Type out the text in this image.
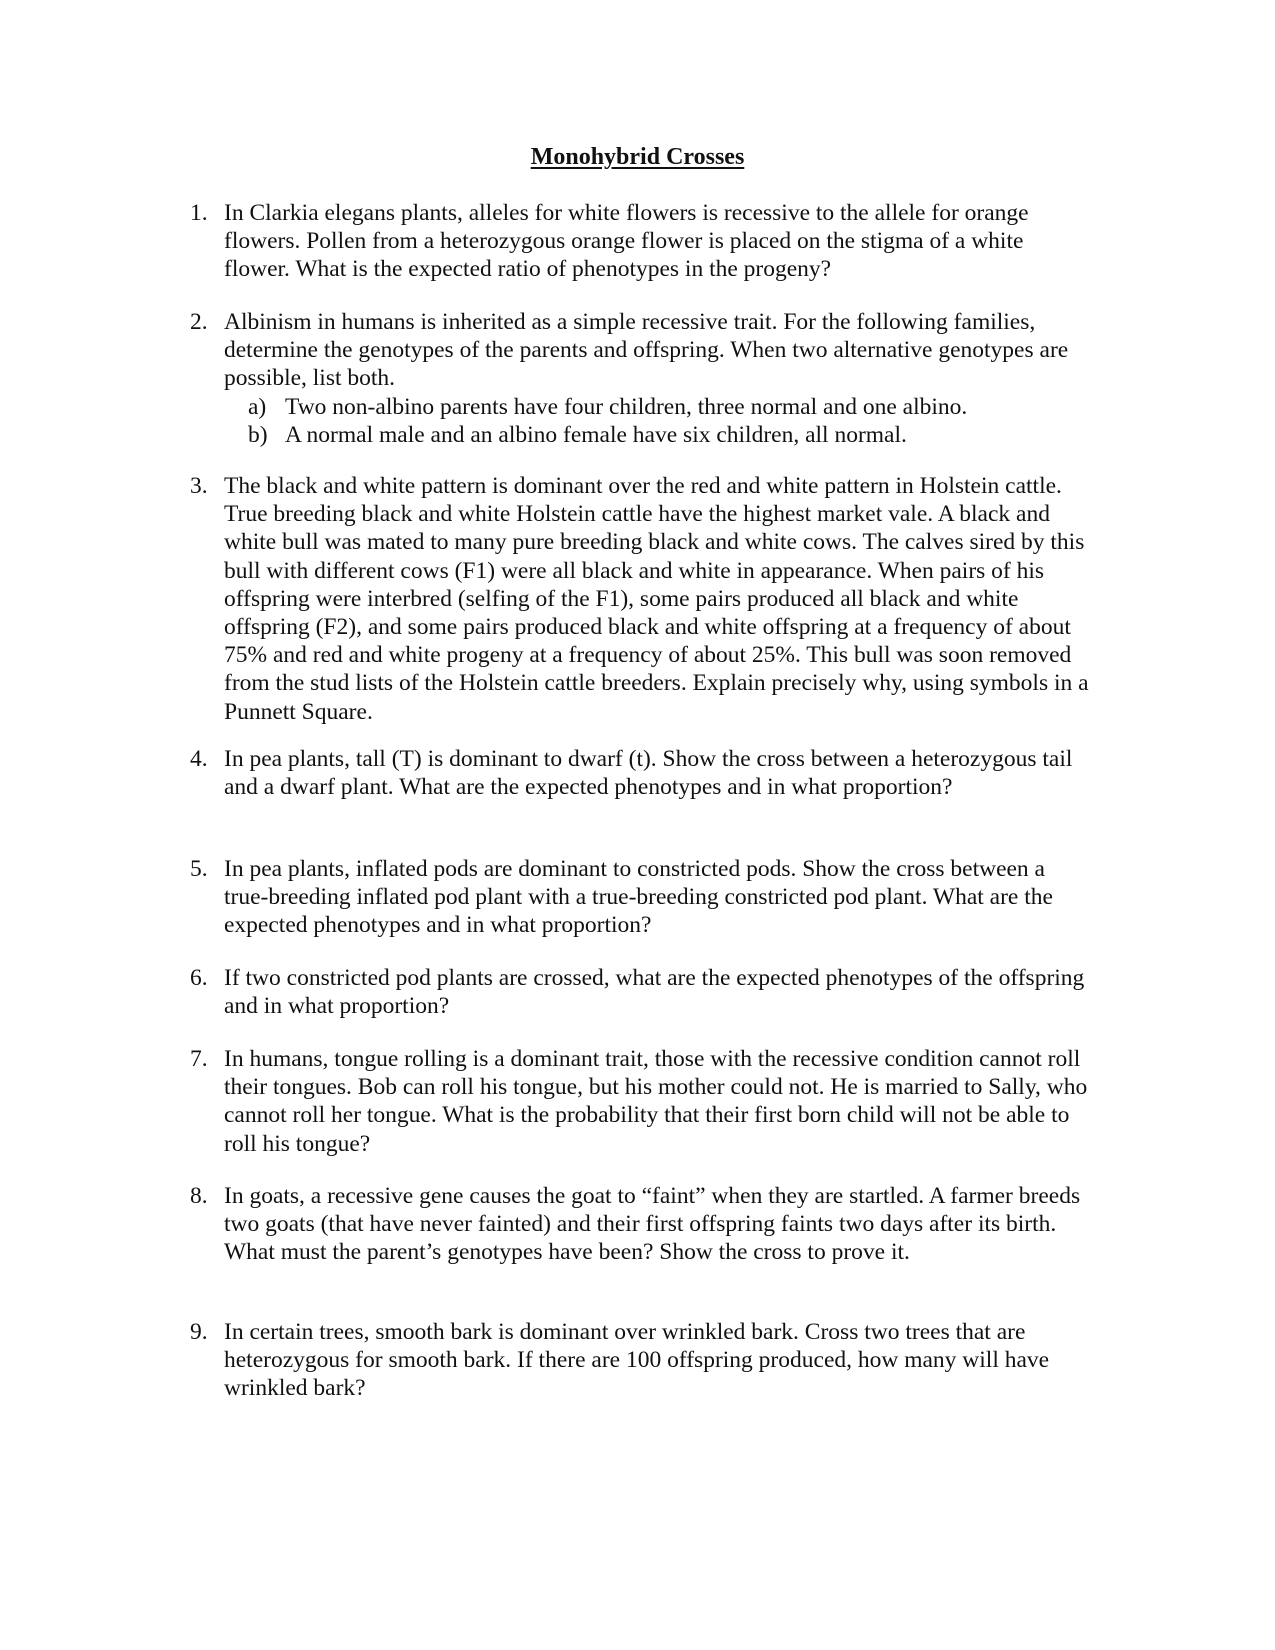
Monohybrid Crosses
1. In Clarkia elegans plants, alleles for white flowers is recessive to the allele for orange flowers. Pollen from a heterozygous orange flower is placed on the stigma of a white flower. What is the expected ratio of phenotypes in the progeny?
2. Albinism in humans is inherited as a simple recessive trait. For the following families, determine the genotypes of the parents and offspring. When two alternative genotypes are possible, list both.
a) Two non-albino parents have four children, three normal and one albino.
b) A normal male and an albino female have six children, all normal.
3. The black and white pattern is dominant over the red and white pattern in Holstein cattle. True breeding black and white Holstein cattle have the highest market vale. A black and white bull was mated to many pure breeding black and white cows. The calves sired by this bull with different cows (F1) were all black and white in appearance. When pairs of his offspring were interbred (selfing of the F1), some pairs produced all black and white offspring (F2), and some pairs produced black and white offspring at a frequency of about 75% and red and white progeny at a frequency of about 25%. This bull was soon removed from the stud lists of the Holstein cattle breeders. Explain precisely why, using symbols in a Punnett Square.
4. In pea plants, tall (T) is dominant to dwarf (t). Show the cross between a heterozygous tail and a dwarf plant. What are the expected phenotypes and in what proportion?
5. In pea plants, inflated pods are dominant to constricted pods. Show the cross between a true-breeding inflated pod plant with a true-breeding constricted pod plant. What are the expected phenotypes and in what proportion?
6. If two constricted pod plants are crossed, what are the expected phenotypes of the offspring and in what proportion?
7. In humans, tongue rolling is a dominant trait, those with the recessive condition cannot roll their tongues. Bob can roll his tongue, but his mother could not. He is married to Sally, who cannot roll her tongue. What is the probability that their first born child will not be able to roll his tongue?
8. In goats, a recessive gene causes the goat to “faint” when they are startled. A farmer breeds two goats (that have never fainted) and their first offspring faints two days after its birth. What must the parent’s genotypes have been? Show the cross to prove it.
9. In certain trees, smooth bark is dominant over wrinkled bark. Cross two trees that are heterozygous for smooth bark. If there are 100 offspring produced, how many will have wrinkled bark?
